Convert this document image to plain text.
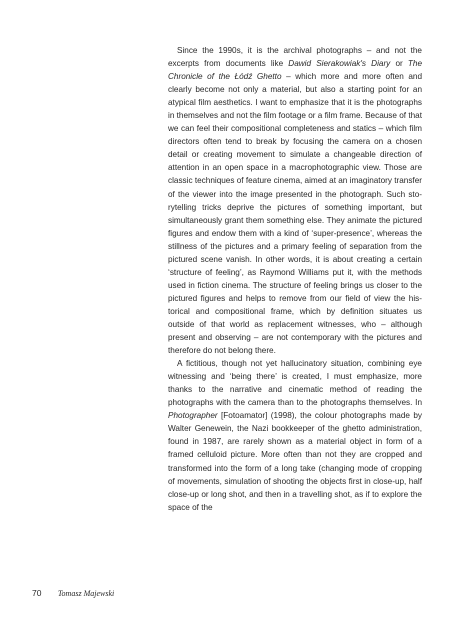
Since the 1990s, it is the archival photographs – and not the excerpts from documents like Dawid Sierakowiak's Diary or The Chronicle of the Łódź Ghetto – which more and more often and clearly become not only a material, but also a starting point for an atypical film aesthetics. I want to emphasize that it is the photographs in themselves and not the film footage or a film frame. Because of that we can feel their compositional completeness and statics – which film directors often tend to break by focusing the camera on a chosen detail or creating movement to simulate a changeable direction of attention in an open space in a macrophotographic view. Those are classic techniques of feature cinema, aimed at an imaginatory transfer of the viewer into the image presented in the photograph. Such storytelling tricks deprive the pictures of something important, but simultaneously grant them something else. They animate the pictured figures and endow them with a kind of ‘super-presence’, whereas the stillness of the pictures and a primary feeling of separation from the pictured scene vanish. In other words, it is about creating a certain ‘structure of feeling’, as Raymond Williams put it, with the methods used in fiction cinema. The structure of feeling brings us closer to the pictured figures and helps to remove from our field of view the historical and compositional frame, which by definition situates us outside of that world as replacement witnesses, who – although present and observing – are not contemporary with the pictures and therefore do not belong there.

A fictitious, though not yet hallucinatory situation, combining eye witnessing and ‘being there’ is created, I must emphasize, more thanks to the narrative and cinematic method of reading the photographs with the camera than to the photographs themselves. In Photographer [Fotoamator] (1998), the colour photographs made by Walter Genewein, the Nazi bookkeeper of the ghetto administration, found in 1987, are rarely shown as a material object in form of a framed celluloid picture. More often than not they are cropped and transformed into the form of a long take (changing mode of cropping of movements, simulation of shooting the objects first in close-up, half close-up or long shot, and then in a travelling shot, as if to explore the space of the

70 Tomasz Majewski
